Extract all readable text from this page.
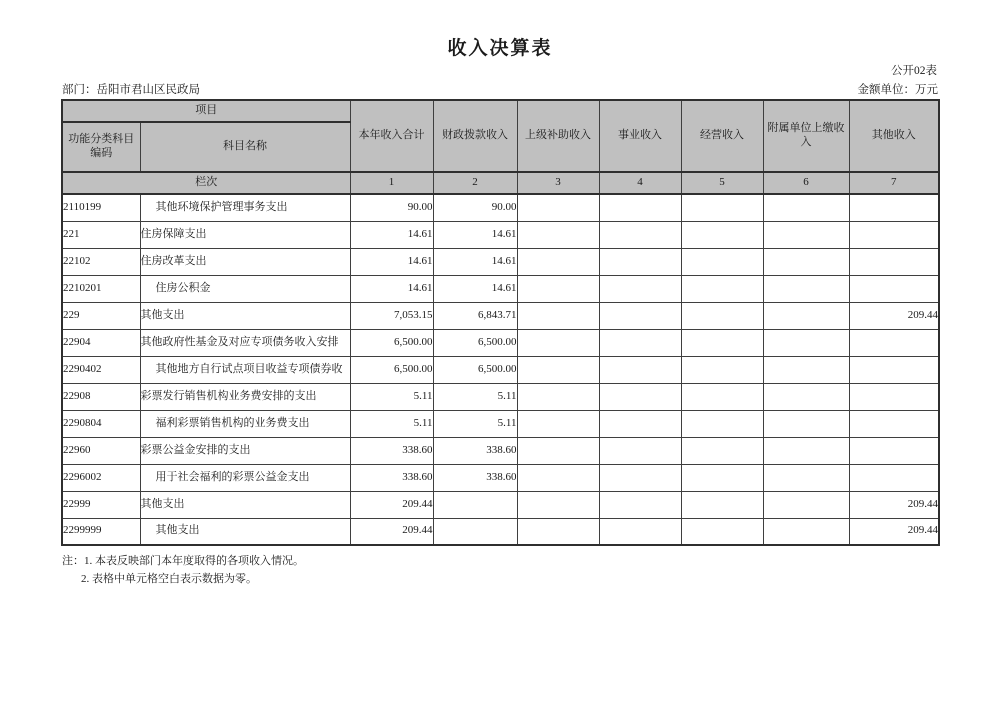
收入决算表
公开02表
部门：岳阳市君山区民政局	金额单位：万元
项目		本年收入合计	财政拨款收入	上级补助收入	事业收入	经营收入	附属单位上缴收入	其他收入
功能分类科目编码	科目名称							
栏次		1	2	3	4	5	6	7
2110199	其他环境保护管理事务支出	90.00	90.00					
221	住房保障支出	14.61	14.61					
22102	住房改革支出	14.61	14.61					
2210201	住房公积金	14.61	14.61					
229	其他支出	7,053.15	6,843.71					209.44
22904	其他政府性基金及对应专项债务收入安排	6,500.00	6,500.00					
2290402	其他地方自行试点项目收益专项债券收	6,500.00	6,500.00					
22908	彩票发行销售机构业务费安排的支出	5.11	5.11					
2290804	福利彩票销售机构的业务费支出	5.11	5.11					
22960	彩票公益金安排的支出	338.60	338.60					
2296002	用于社会福利的彩票公益金支出	338.60	338.60					
22999	其他支出	209.44						209.44
2299999	其他支出	209.44						209.44
注：1. 本表反映部门本年度取得的各项收入情况。
2. 表格中单元格空白表示数据为零。
